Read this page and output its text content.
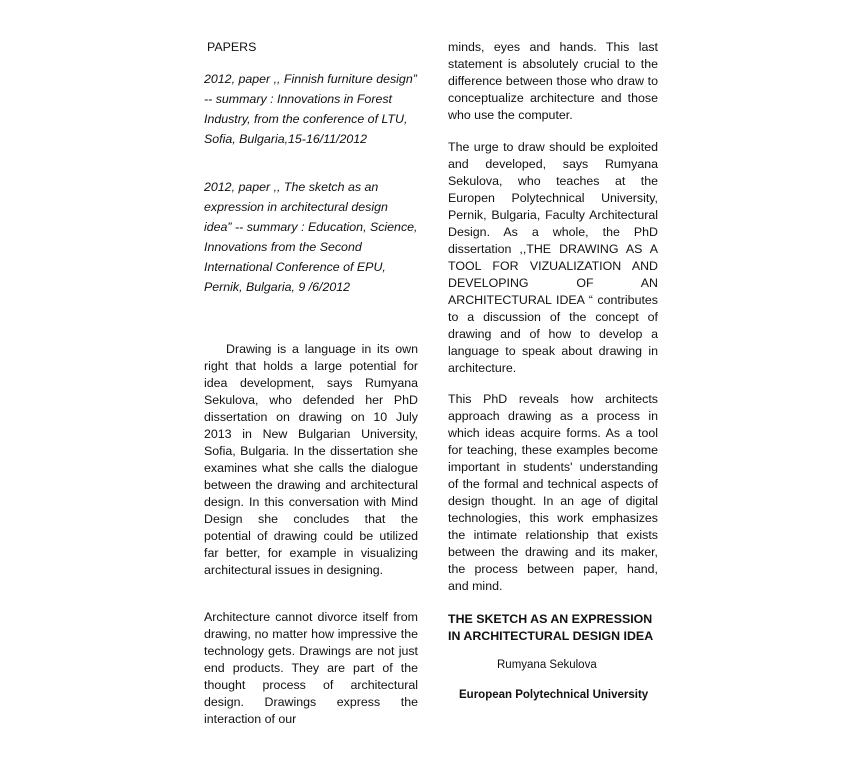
PAPERS

2012, paper ,, Finnish furniture design” -- summary : Innovations in Forest Industry, from the conference of LTU, Sofia, Bulgaria,15-16/11/2012

2012, paper ,, The sketch as an expression in architectural design idea” -- summary : Education, Science, Innovations from the Second International Conference of EPU, Pernik, Bulgaria, 9 /6/2012

Drawing is a language in its own right that holds a large potential for idea development, says Rumyana Sekulova, who defended her PhD dissertation on drawing on 10 July 2013 in New Bulgarian University, Sofia, Bulgaria. In the dissertation she examines what she calls the dialogue between the drawing and architectural design. In this conversation with Mind Design she concludes that the potential of drawing could be utilized far better, for example in visualizing architectural issues in designing.

Architecture cannot divorce itself from drawing, no matter how impressive the technology gets. Drawings are not just end products. They are part of the thought process of architectural design. Drawings express the interaction of our

minds, eyes and hands. This last statement is absolutely crucial to the difference between those who draw to conceptualize architecture and those who use the computer.

The urge to draw should be exploited and developed, says Rumyana Sekulova, who teaches at the Europen Polytechnical University, Pernik, Bulgaria, Faculty Architectural Design. As a whole, the PhD dissertation ,,THE DRAWING AS A TOOL FOR VIZUALIZATION AND DEVELOPING OF AN ARCHITECTURAL IDEA “ contributes to a discussion of the concept of drawing and of how to develop a language to speak about drawing in architecture.

This PhD reveals how architects approach drawing as a process in which ideas acquire forms. As a tool for teaching, these examples become important in students' understanding of the formal and technical aspects of design thought. In an age of digital technologies, this work emphasizes the intimate relationship that exists between the drawing and its maker, the process between paper, hand, and mind.

THE SKETCH AS AN EXPRESSION IN ARCHITECTURAL DESIGN IDEA

Rumyana Sekulova
European Polytechnical University
